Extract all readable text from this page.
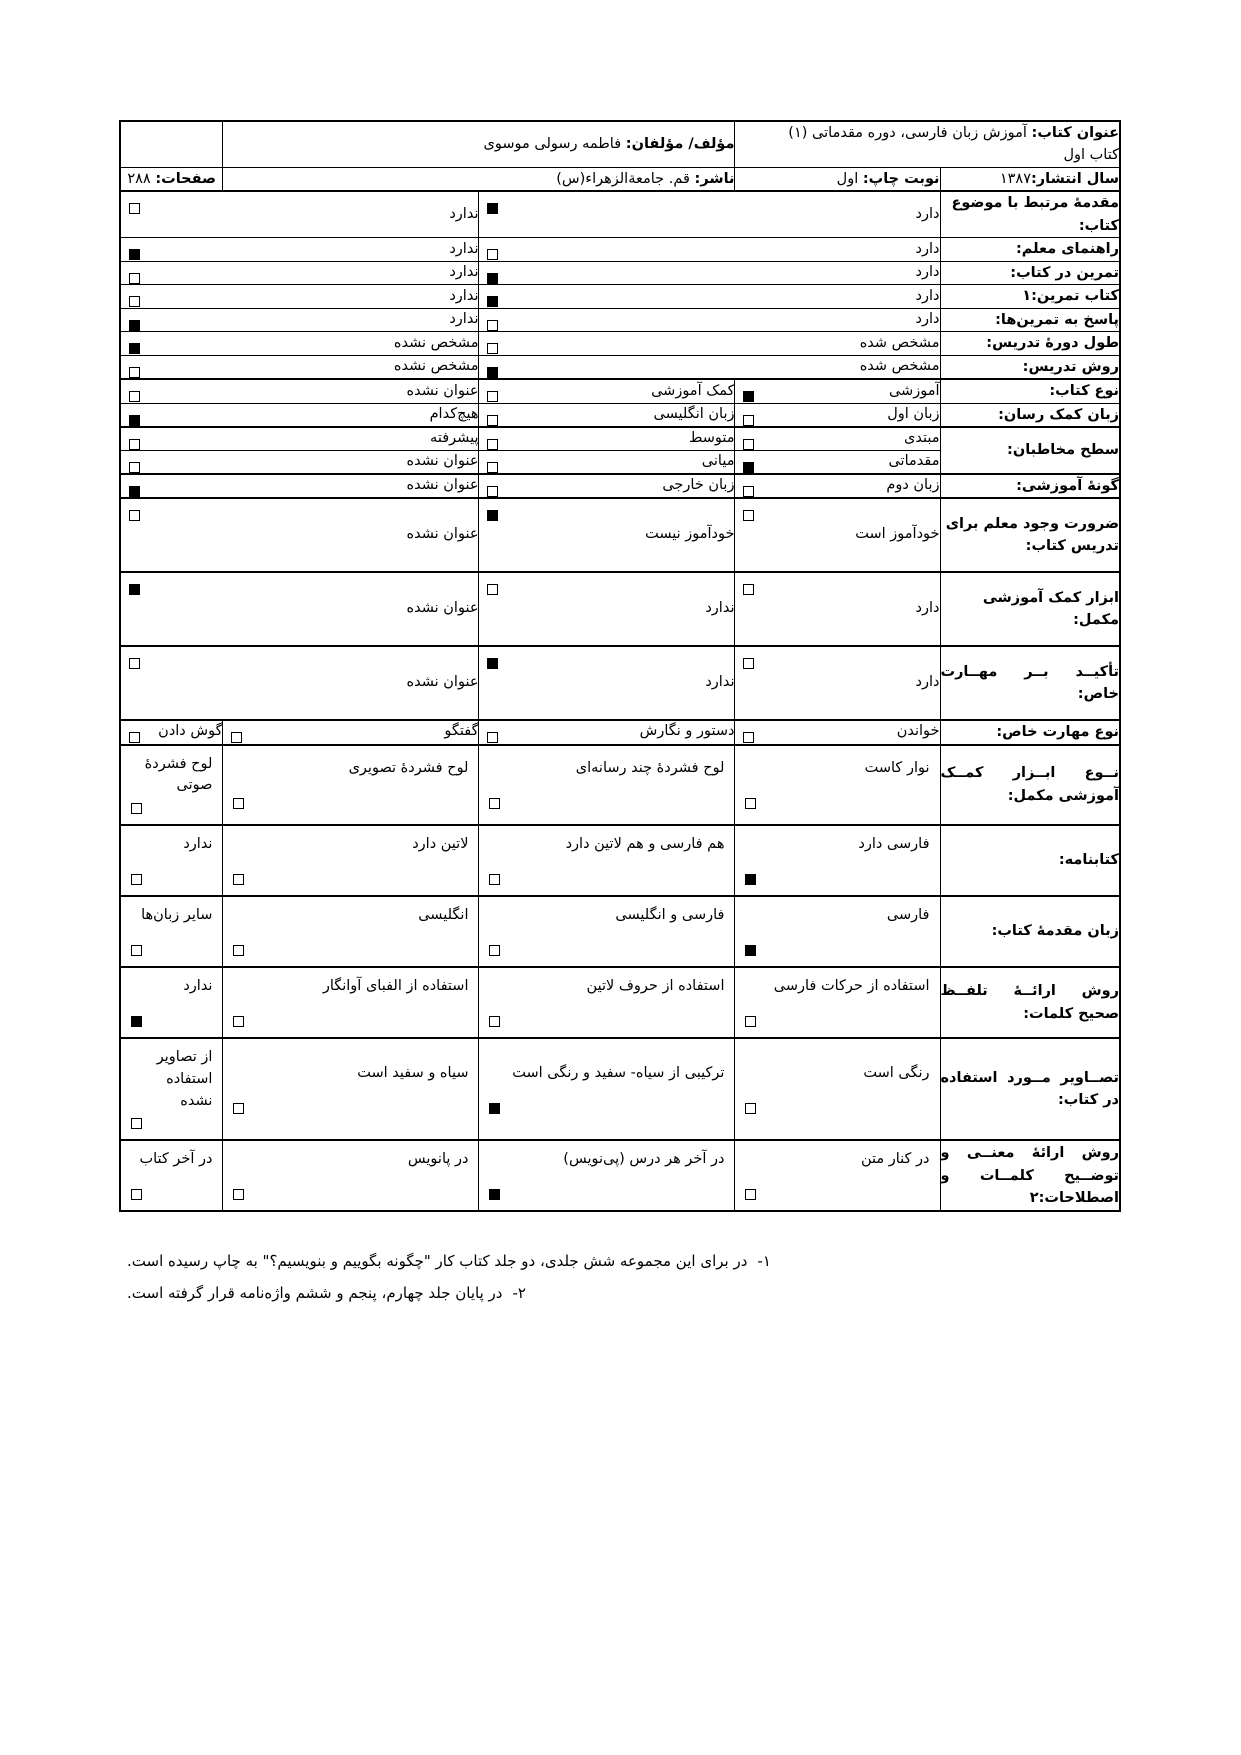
عنوان کتاب: آموزش زبان فارسی، دوره مقدماتی (۱)
کتاب اول		مؤلف/ مؤلفان: فاطمه رسولی موسوی		
سال انتشار:۱۳۸۷	نوبت چاپ: اول	ناشر: قم. جامعةالزهراء(س)		صفحات: ۲۸۸
مقدمهٔ مرتبط با موضوع کتاب:	دارد		ندارد	

راهنمای معلم:	دارد		ندارد	

تمرین در کتاب:	دارد		ندارد	

کتاب تمرین:۱	دارد		ندارد	

پاسخ به تمرین‌ها:	دارد		ندارد	

طول دورهٔ تدریس:	مشخص شده		مشخص نشده	

روش تدریس:	مشخص شده		مشخص نشده	

نوع کتاب:	آموزشی	کمک آموزشی	عنوان نشده	

زبان کمک رسان:	زبان اول	زبان انگلیسی	هیچ‌کدام	

سطح مخاطبان:	مبتدی	متوسط	پیشرفته	

	مقدماتی	میانی	عنوان نشده	

گونهٔ آموزشی:	زبان دوم	زبان خارجی	عنوان نشده	

ضرورت وجود معلم برای تدریس کتاب:	خودآموز است	خودآموز نیست	عنوان نشده	

ابزار کمک آموزشی مکمل:	دارد	ندارد	عنوان نشده	

تأکیــد بــر مهــارت خاص:	دارد	ندارد	عنوان نشده	

نوع مهارت خاص:	خواندن	دستور و نگارش	گفتگو	گوش دادن

نــوع ابــزار کمــک آموزشی مکمل:	نوار کاست	لوح فشردهٔ چند رسانه‌ای	لوح فشردهٔ تصویری	لوح فشردهٔ صوتی

کتابنامه:	فارسی دارد	هم فارسی و هم لاتین دارد	لاتین دارد	ندارد

زبان مقدمهٔ کتاب:	فارسی	فارسی و انگلیسی	انگلیسی	سایر زبان‌ها

روش ارائــهٔ تلفــظ صحیح کلمات:	استفاده از حرکات فارسی	استفاده از حروف لاتین	استفاده از الفبای آوانگار	ندارد

تصــاویر مــورد استفاده در کتاب:	رنگی است	ترکیبی از سیاه- سفید و رنگی است	سیاه و سفید است	از تصاویر استفاده نشده

روش ارائهٔ معنــی و توضــیح کلمــات و اصطلاحات:۲	در کنار متن	در آخر هر درس (پی‌نویس)	در پانویس	در آخر کتاب
۱-
در برای این مجموعه شش جلدی، دو جلد کتاب کار "چگونه بگوییم و بنویسیم؟" به چاپ رسیده است.
۲-
در پایان جلد چهارم، پنجم و ششم واژه‌نامه قرار گرفته است.
